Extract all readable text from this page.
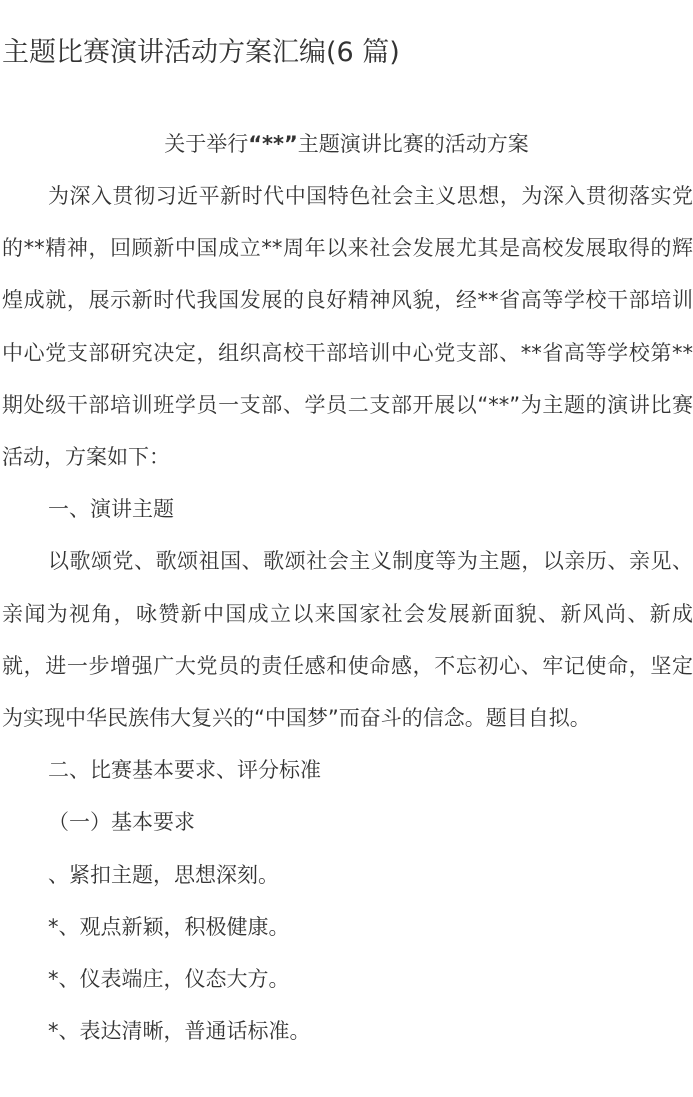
主题比赛演讲活动方案汇编(6 篇)
关于举行“**”主题演讲比赛的活动方案

为深入贯彻习近平新时代中国特色社会主义思想，为深入贯彻落实党的**精神，回顾新中国成立**周年以来社会发展尤其是高校发展取得的辉煌成就，展示新时代我国发展的良好精神风貌，经**省高等学校干部培训中心党支部研究决定，组织高校干部培训中心党支部、**省高等学校第**期处级干部培训班学员一支部、学员二支部开展以“**”为主题的演讲比赛活动，方案如下：

一、演讲主题

以歌颂党、歌颂祖国、歌颂社会主义制度等为主题，以亲历、亲见、亲闻为视角，咏赞新中国成立以来国家社会发展新面貌、新风尚、新成就，进一步增强广大党员的责任感和使命感，不忘初心、牢记使命，坚定为实现中华民族伟大复兴的“中国梦”而奋斗的信念。题目自拟。

二、比赛基本要求、评分标准

（一）基本要求

、紧扣主题，思想深刻。

*、观点新颖，积极健康。

*、仪表端庄，仪态大方。

*、表达清晰，普通话标准。
